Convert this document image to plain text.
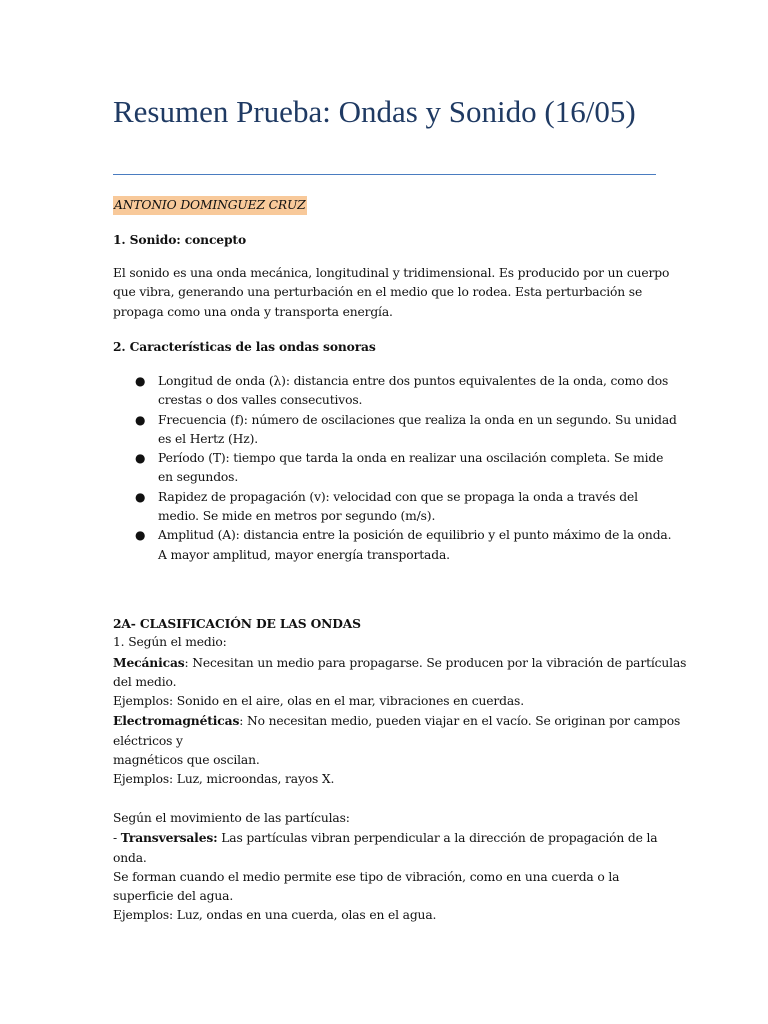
Resumen Prueba: Ondas y Sonido (16/05)
ANTONIO DOMINGUEZ CRUZ
1. Sonido: concepto
El sonido es una onda mecánica, longitudinal y tridimensional. Es producido por un cuerpo
que vibra, generando una perturbación en el medio que lo rodea. Esta perturbación se
propaga como una onda y transporta energía.
2. Características de las ondas sonoras
● Longitud de onda (λ): distancia entre dos puntos equivalentes de la onda, como dos
crestas o dos valles consecutivos.
● Frecuencia (f): número de oscilaciones que realiza la onda en un segundo. Su unidad
es el Hertz (Hz).
● Período (T): tiempo que tarda la onda en realizar una oscilación completa. Se mide
en segundos.
● Rapidez de propagación (v): velocidad con que se propaga la onda a través del
medio. Se mide en metros por segundo (m/s).
● Amplitud (A): distancia entre la posición de equilibrio y el punto máximo de la onda.
A mayor amplitud, mayor energía transportada.
2A- CLASIFICACIÓN DE LAS ONDAS
1. Según el medio:
Mecánicas: Necesitan un medio para propagarse. Se producen por la vibración de partículas
del medio.
Ejemplos: Sonido en el aire, olas en el mar, vibraciones en cuerdas.
Electromagnéticas: No necesitan medio, pueden viajar en el vacío. Se originan por campos
eléctricos y
magnéticos que oscilan.
Ejemplos: Luz, microondas, rayos X.

Según el movimiento de las partículas:
- Transversales: Las partículas vibran perpendicular a la dirección de propagación de la
onda.
Se forman cuando el medio permite ese tipo de vibración, como en una cuerda o la
superficie del agua.
Ejemplos: Luz, ondas en una cuerda, olas en el agua.
